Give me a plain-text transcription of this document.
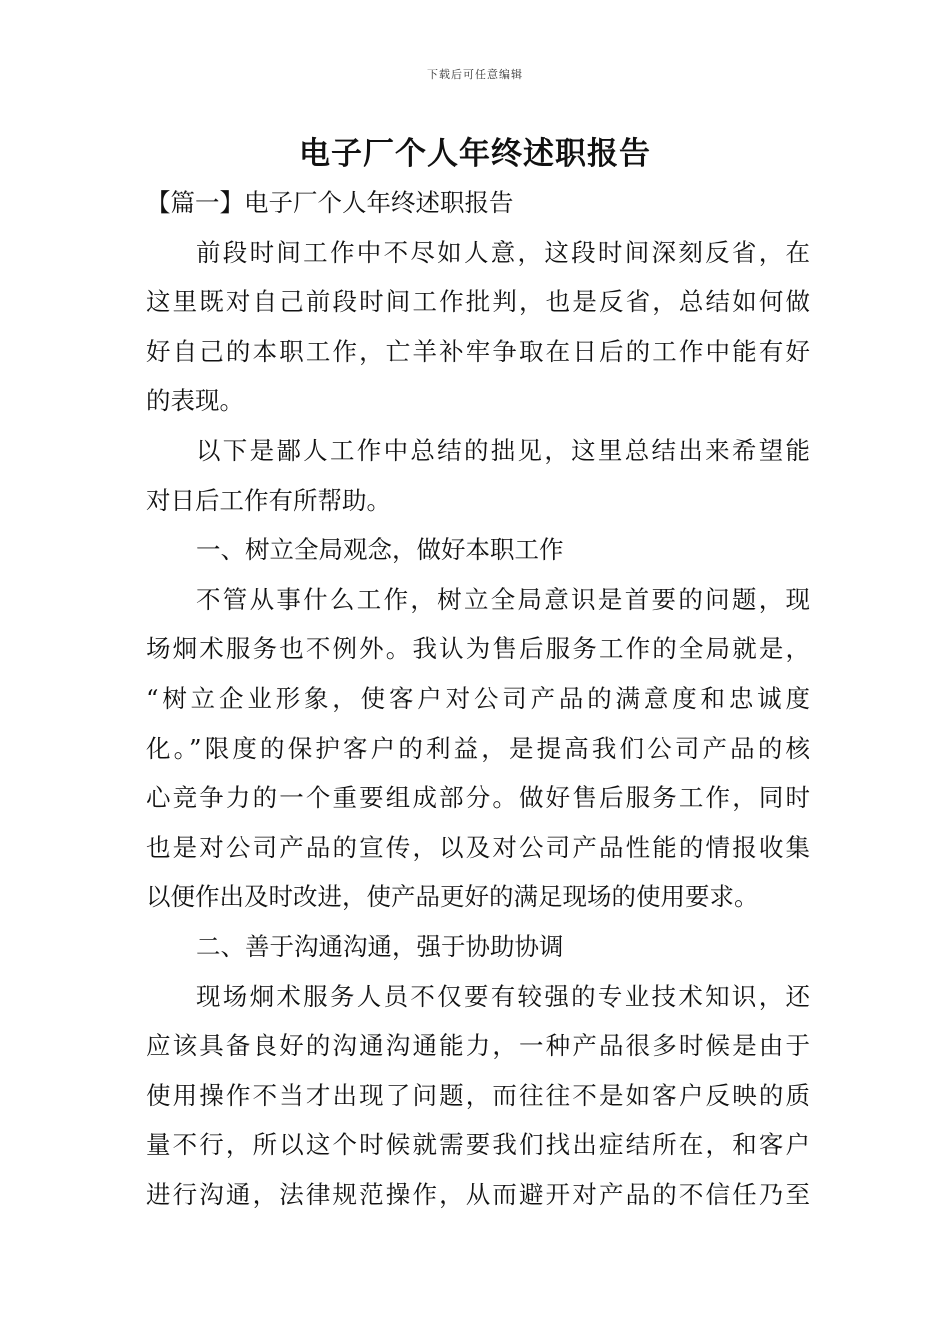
下载后可任意编辑
电子厂个人年终述职报告
【篇一】电子厂个人年终述职报告
前段时间工作中不尽如人意，这段时间深刻反省，在
这里既对自己前段时间工作批判，也是反省，总结如何做
好自己的本职工作，亡羊补牢争取在日后的工作中能有好
的表现。
以下是鄙人工作中总结的拙见，这里总结出来希望能
对日后工作有所帮助。
一、树立全局观念，做好本职工作
不管从事什么工作，树立全局意识是首要的问题，现
场炯术服务也不例外。我认为售后服务工作的全局就是，
“树立企业形象，使客户对公司产品的满意度和忠诚度
化。”限度的保护客户的利益，是提高我们公司产品的核
心竞争力的一个重要组成部分。做好售后服务工作，同时
也是对公司产品的宣传，以及对公司产品性能的情报收集
以便作出及时改进，使产品更好的满足现场的使用要求。
二、善于沟通沟通，强于协助协调
现场炯术服务人员不仅要有较强的专业技术知识，还
应该具备良好的沟通沟通能力，一种产品很多时候是由于
使用操作不当才出现了问题，而往往不是如客户反映的质
量不行，所以这个时候就需要我们找出症结所在，和客户
进行沟通，法律规范操作，从而避开对产品的不信任乃至
